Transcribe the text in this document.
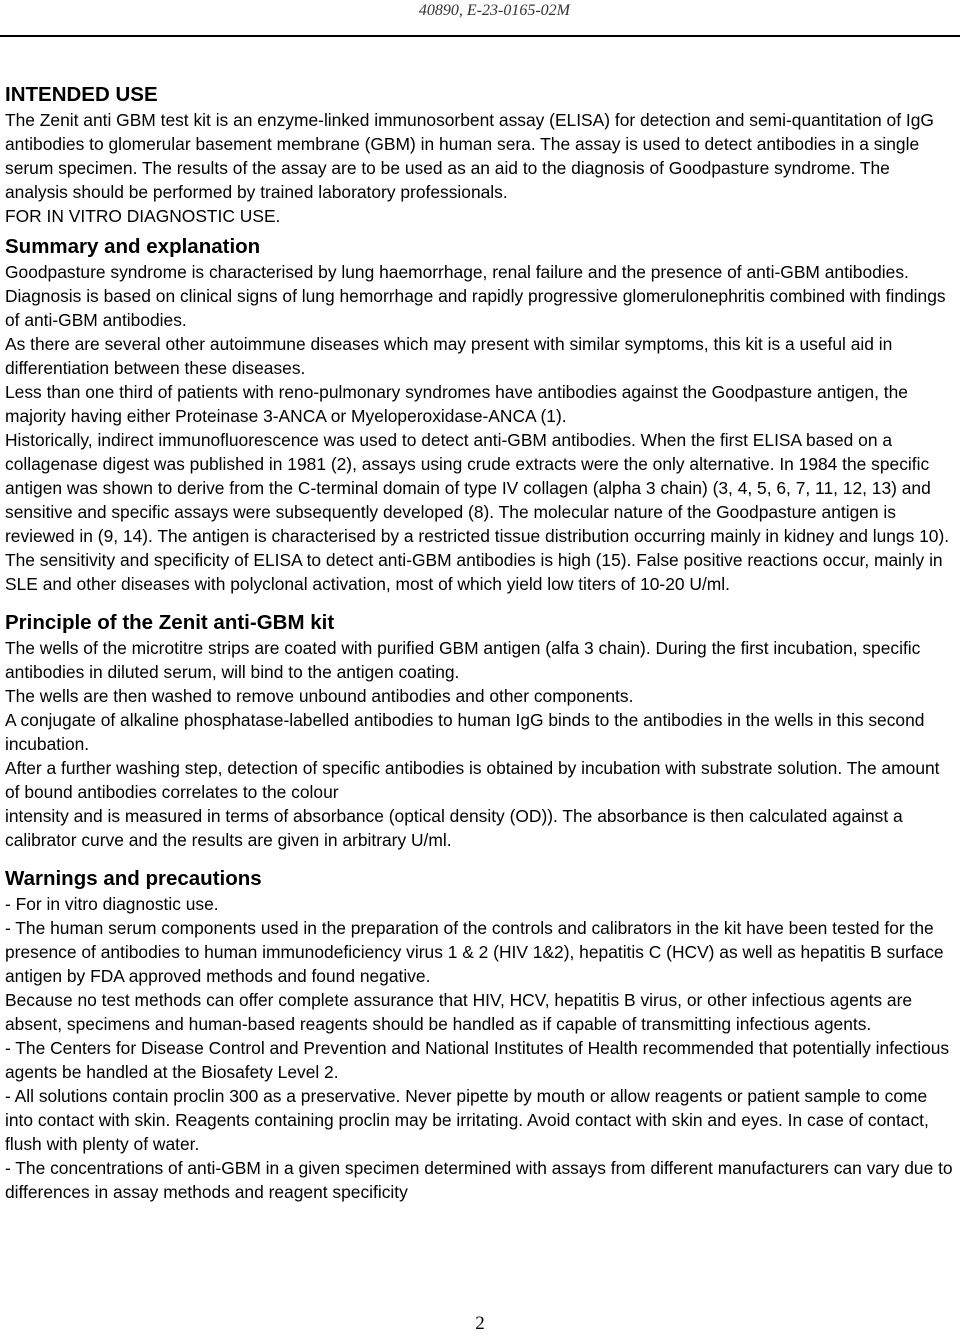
40890, E-23-0165-02M
INTENDED USE

The Zenit anti GBM test kit is an enzyme-linked immunosorbent assay (ELISA) for detection and semi-quantitation of IgG antibodies to glomerular basement membrane (GBM) in human sera. The assay is used to detect antibodies in a single serum specimen. The results of the assay are to be used as an aid to the diagnosis of Goodpasture syndrome. The analysis should be performed by trained laboratory professionals.

FOR IN VITRO DIAGNOSTIC USE.

Summary and explanation

Goodpasture syndrome is characterised by lung haemorrhage, renal failure and the presence of anti-GBM antibodies. Diagnosis is based on clinical signs of lung hemorrhage and rapidly progressive glomerulonephritis combined with findings of anti-GBM antibodies.

As there are several other autoimmune diseases which may present with similar symptoms, this kit is a useful aid in differentiation between these diseases.

Less than one third of patients with reno-pulmonary syndromes have antibodies against the Goodpasture antigen, the majority having either Proteinase 3-ANCA or Myeloperoxidase-ANCA (1).

Historically, indirect immunofluorescence was used to detect anti-GBM antibodies. When the first ELISA based on a collagenase digest was published in 1981 (2), assays using crude extracts were the only alternative. In 1984 the specific antigen was shown to derive from the C-terminal domain of type IV collagen (alpha 3 chain) (3, 4, 5, 6, 7, 11, 12, 13) and sensitive and specific assays were subsequently developed (8). The molecular nature of the Goodpasture antigen is reviewed in (9, 14). The antigen is characterised by a restricted tissue distribution occurring mainly in kidney and lungs 10).

The sensitivity and specificity of ELISA to detect anti-GBM antibodies is high (15). False positive reactions occur, mainly in SLE and other diseases with polyclonal activation, most of which yield low titers of 10-20 U/ml.

Principle of the Zenit anti-GBM kit

The wells of the microtitre strips are coated with purified GBM antigen (alfa 3 chain). During the first incubation, specific antibodies in diluted serum, will bind to the antigen coating.

The wells are then washed to remove unbound antibodies and other components.

A conjugate of alkaline phosphatase-labelled antibodies to human IgG binds to the antibodies in the wells in this second incubation.

After a further washing step, detection of specific antibodies is obtained by incubation with substrate solution. The amount of bound antibodies correlates to the colour

intensity and is measured in terms of absorbance (optical density (OD)). The absorbance is then calculated against a calibrator curve and the results are given in arbitrary U/ml.

Warnings and precautions

- For in vitro diagnostic use.

- The human serum components used in the preparation of the controls and calibrators in the kit have been tested for the presence of antibodies to human immunodeficiency virus 1 & 2 (HIV 1&2), hepatitis C (HCV) as well as hepatitis B surface antigen by FDA approved methods and found negative.

Because no test methods can offer complete assurance that HIV, HCV, hepatitis B virus, or other infectious agents are absent, specimens and human-based reagents should be handled as if capable of transmitting infectious agents.

- The Centers for Disease Control and Prevention and National Institutes of Health recommended that potentially infectious agents be handled at the Biosafety Level 2.

- All solutions contain proclin 300 as a preservative. Never pipette by mouth or allow reagents or patient sample to come into contact with skin. Reagents containing proclin may be irritating. Avoid contact with skin and eyes. In case of contact, flush with plenty of water.

- The concentrations of anti-GBM in a given specimen determined with assays from different manufacturers can vary due to differences in assay methods and reagent specificity

2
